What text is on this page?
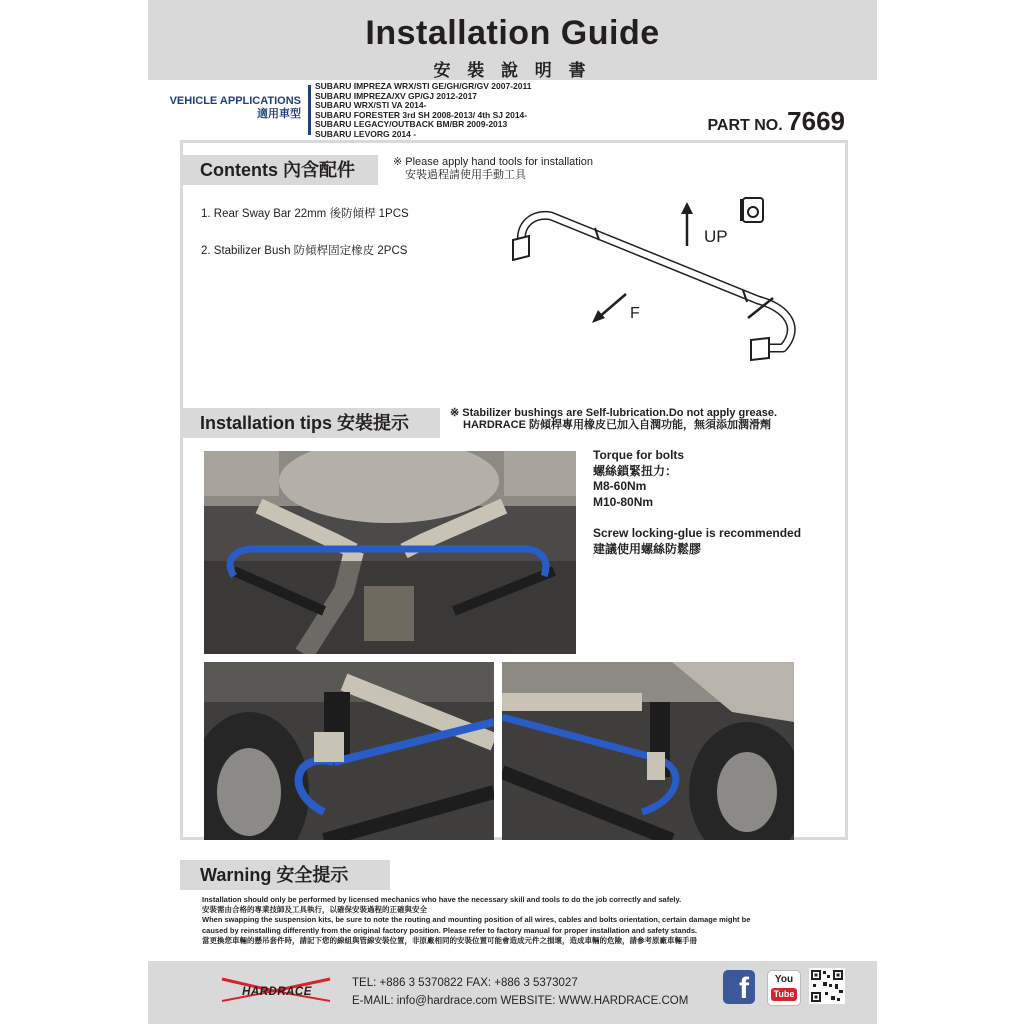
Installation Guide
安 裝 說 明 書
VEHICLE APPLICATIONS
適用車型
SUBARU IMPREZA WRX/STI GE/GH/GR/GV 2007-2011
SUBARU IMPREZA/XV GP/GJ 2012-2017
SUBARU WRX/STI VA 2014-
SUBARU FORESTER 3rd SH 2008-2013/ 4th SJ 2014-
SUBARU LEGACY/OUTBACK BM/BR 2009-2013
SUBARU LEVORG 2014 -	PART NO. 7669
Contents 內含配件	※ Please apply hand tools for installation
安裝過程請使用手動工具
1. Rear Sway Bar 22mm 後防傾桿 1PCS
2. Stabilizer Bush 防傾桿固定橡皮 2PCS
UP
F
Installation tips 安裝提示	※ Stabilizer bushings are Self-lubrication.Do not apply grease.
HARDRACE 防傾桿專用橡皮已加入自潤功能，無須添加潤滑劑
Torque for bolts
螺絲鎖緊扭力：
M8-60Nm
M10-80Nm
Screw locking-glue is recommended
建議使用螺絲防鬆膠
Warning 安全提示
Installation should only be performed by licensed mechanics who have the necessary skill and tools to do the job correctly and safely.
安裝需由合格的專業技師及工具執行，以確保安裝過程的正確與安全
When swapping the suspension kits, be sure to note the routing and mounting position of all wires, cables and bolts orientation, certain damage might be
caused by reinstalling differently from the original factory position. Please refer to factory manual for proper installation and safety stands.
當更換您車輛的懸吊套件時，請記下您的線組與管線安裝位置，非原廠相同的安裝位置可能會造成元件之損壞，造成車輛的危險，請參考原廠車輛手冊
HARDRACE
TEL: +886 3 5370822 FAX: +886 3 5373027
E-MAIL: info@hardrace.com WEBSITE: WWW.HARDRACE.COM	f	You
Tube
